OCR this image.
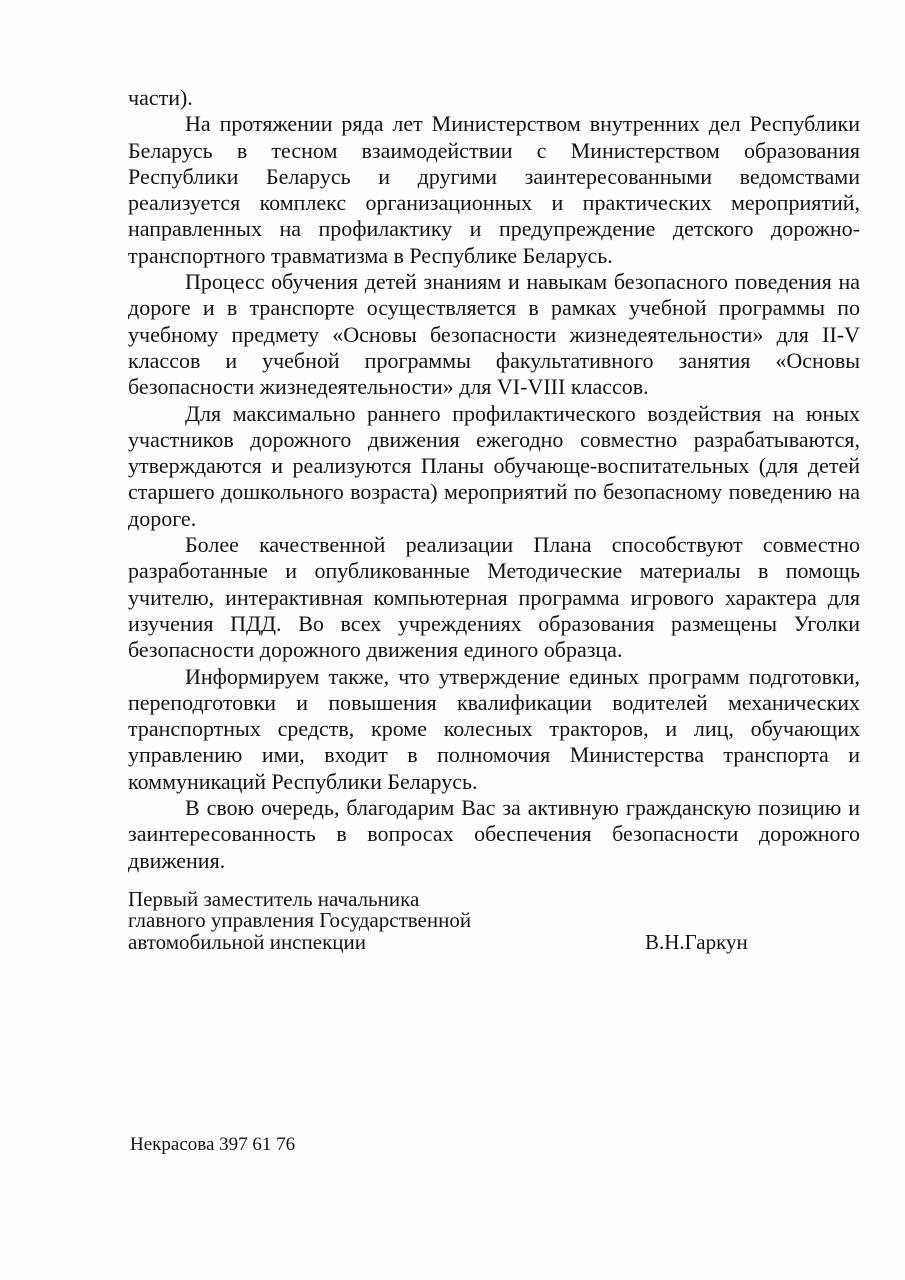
части).

На протяжении ряда лет Министерством внутренних дел Республики Беларусь в тесном взаимодействии с Министерством образования Республики Беларусь и другими заинтересованными ведомствами реализуется комплекс организационных и практических мероприятий, направленных на профилактику и предупреждение детского дорожно-транспортного травматизма в Республике Беларусь.

Процесс обучения детей знаниям и навыкам безопасного поведения на дороге и в транспорте осуществляется в рамках учебной программы по учебному предмету «Основы безопасности жизнедеятельности» для II-V классов и учебной программы факультативного занятия «Основы безопасности жизнедеятельности» для VI-VIII классов.

Для максимально раннего профилактического воздействия на юных участников дорожного движения ежегодно совместно разрабатываются, утверждаются и реализуются Планы обучающе-воспитательных (для детей старшего дошкольного возраста) мероприятий по безопасному поведению на дороге.

Более качественной реализации Плана способствуют совместно разработанные и опубликованные Методические материалы в помощь учителю, интерактивная компьютерная программа игрового характера для изучения ПДД. Во всех учреждениях образования размещены Уголки безопасности дорожного движения единого образца.

Информируем также, что утверждение единых программ подготовки, переподготовки и повышения квалификации водителей механических транспортных средств, кроме колесных тракторов, и лиц, обучающих управлению ими, входит в полномочия Министерства транспорта и коммуникаций Республики Беларусь.

В свою очередь, благодарим Вас за активную гражданскую позицию и заинтересованность в вопросах обеспечения безопасности дорожного движения.

Первый заместитель начальника
главного управления Государственной
автомобильной инспекции	В.Н.Гаркун
Некрасова 397 61 76
